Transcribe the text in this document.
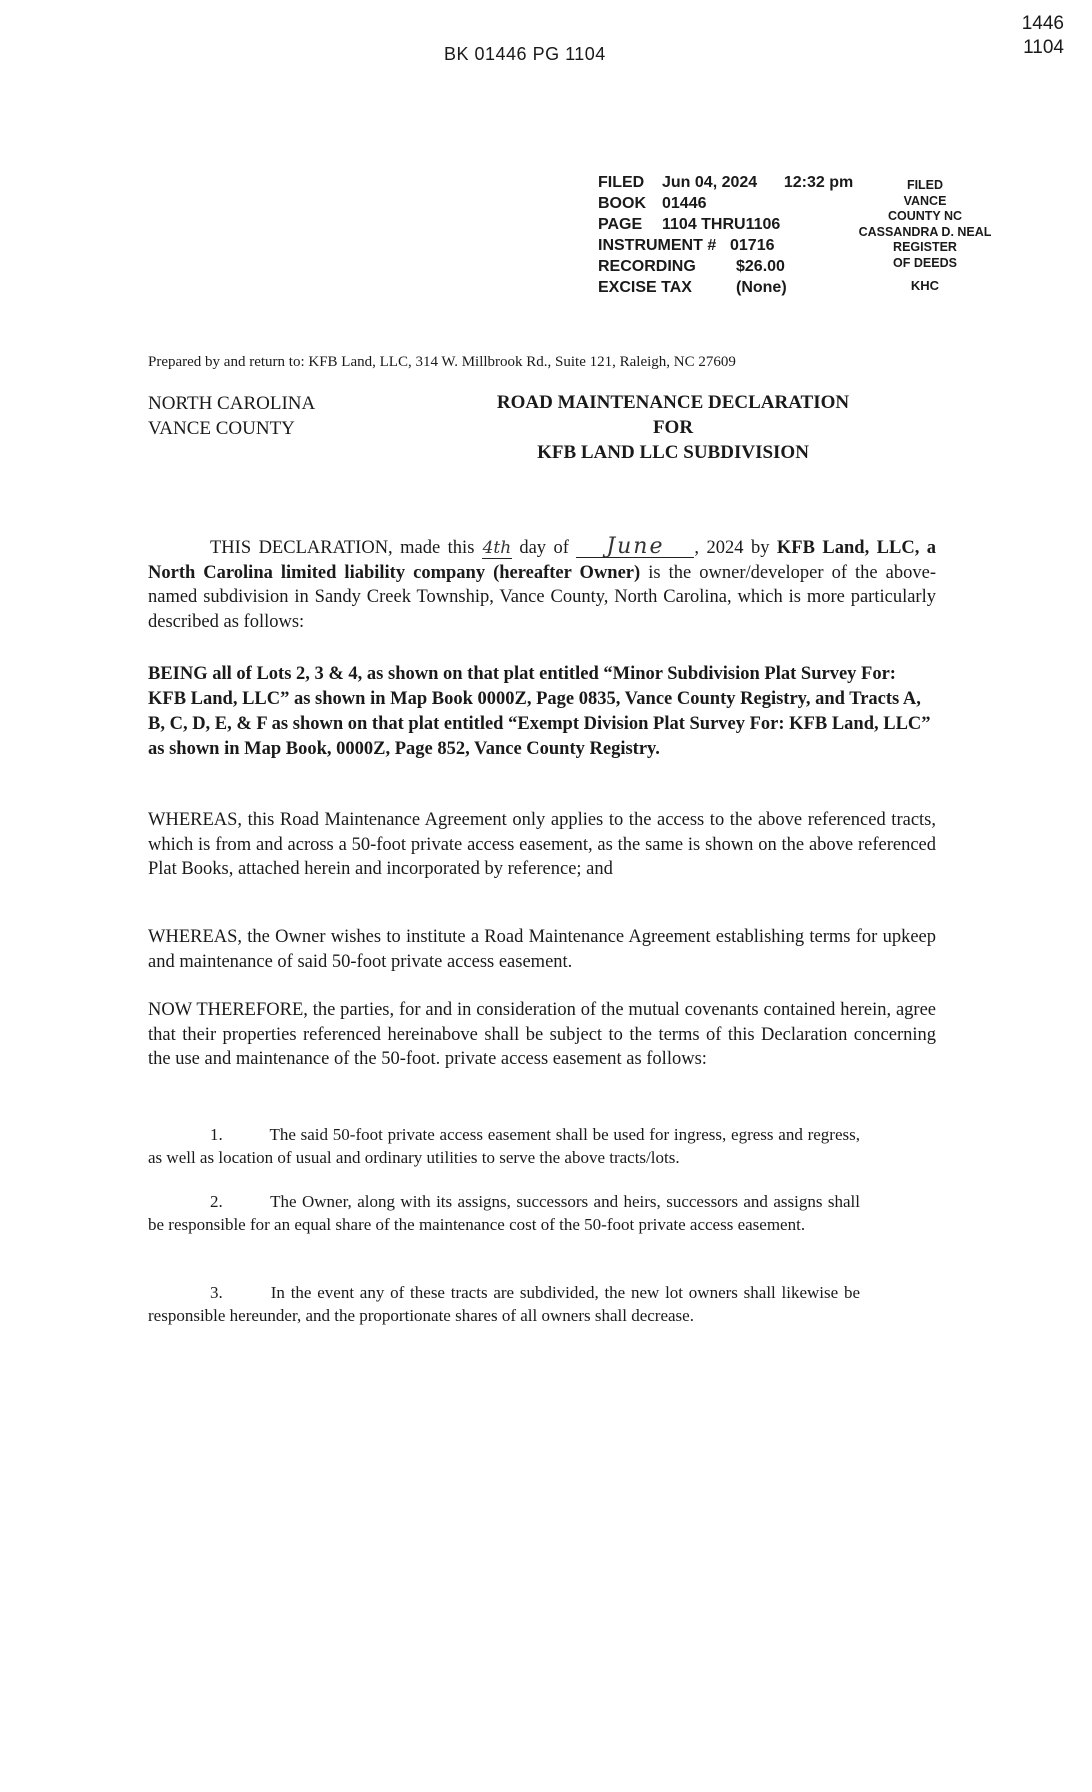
BK 01446 PG 1104
1446
1104
FILED Jun 04, 2024      12:32 pm
BOOK 01446
PAGE 1104 THRU1106
INSTRUMENT # 01716
RECORDING	$26.00
EXCISE TAX	(None)
FILED
VANCE
COUNTY NC
CASSANDRA D. NEAL
REGISTER
OF DEEDS
KHC
Prepared by and return to: KFB Land, LLC, 314 W. Millbrook Rd., Suite 121, Raleigh, NC 27609
NORTH CAROLINA
VANCE COUNTY
ROAD MAINTENANCE DECLARATION
FOR
KFB LAND LLC SUBDIVISION
THIS DECLARATION, made this 4th day of June , 2024 by KFB Land, LLC, a North Carolina limited liability company (hereafter Owner) is the owner/developer of the above-named subdivision in Sandy Creek Township, Vance County, North Carolina, which is more particularly described as follows:
BEING all of Lots 2, 3 & 4, as shown on that plat entitled “Minor Subdivision Plat Survey For: KFB Land, LLC” as shown in Map Book 0000Z, Page 0835, Vance County Registry, and Tracts A, B, C, D, E, & F as shown on that plat entitled “Exempt Division Plat Survey For: KFB Land, LLC” as shown in Map Book, 0000Z, Page 852, Vance County Registry.
WHEREAS, this Road Maintenance Agreement only applies to the access to the above referenced tracts, which is from and across a 50-foot private access easement, as the same is shown on the above referenced Plat Books, attached herein and incorporated by reference; and
WHEREAS, the Owner wishes to institute a Road Maintenance Agreement establishing terms for upkeep and maintenance of said 50-foot private access easement.
NOW THEREFORE, the parties, for and in consideration of the mutual covenants contained herein, agree that their properties referenced hereinabove shall be subject to the terms of this Declaration concerning the use and maintenance of the 50-foot. private access easement as follows:
1.	The said 50-foot private access easement shall be used for ingress, egress and regress, as well as location of usual and ordinary utilities to serve the above tracts/lots.
2.	The Owner, along with its assigns, successors and heirs, successors and assigns shall be responsible for an equal share of the maintenance cost of the 50-foot private access easement.
3.	In the event any of these tracts are subdivided, the new lot owners shall likewise be responsible hereunder, and the proportionate shares of all owners shall decrease.
